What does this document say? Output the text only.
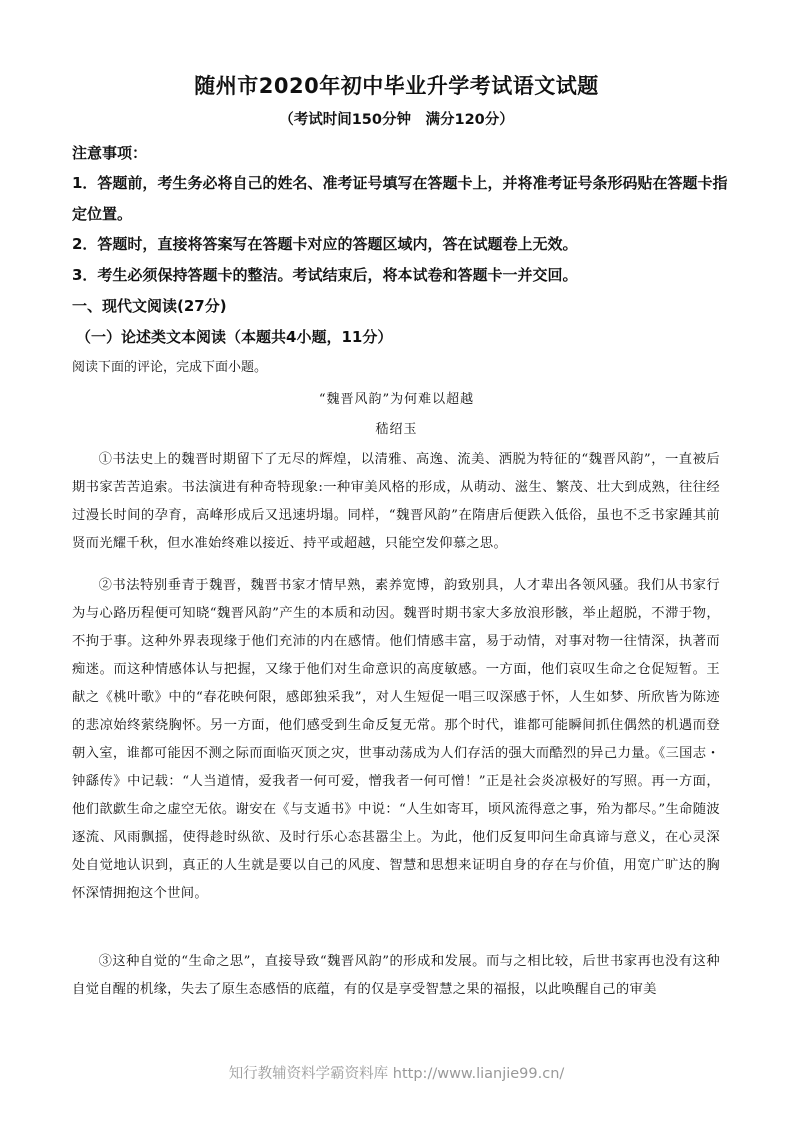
随州市2020年初中毕业升学考试语文试题
（考试时间150分钟　满分120分）
注意事项：
1．答题前，考生务必将自己的姓名、准考证号填写在答题卡上，并将准考证号条形码贴在答题卡指定位置。
2．答题时，直接将答案写在答题卡对应的答题区域内，答在试题卷上无效。
3．考生必须保持答题卡的整洁。考试结束后，将本试卷和答题卡一并交回。
一、现代文阅读(27分)
（一）论述类文本阅读（本题共4小题，11分）
阅读下面的评论，完成下面小题。
“魏晋风韵”为何难以超越
嵇绍玉
①书法史上的魏晋时期留下了无尽的辉煌，以清雅、高逸、流美、洒脱为特征的“魏晋风韵”，一直被后期书家苦苦追索。书法演进有种奇特现象:一种审美风格的形成，从萌动、滋生、繁茂、壮大到成熟，往往经过漫长时间的孕育，高峰形成后又迅速坍塌。同样，“魏晋风韵”在隋唐后便跌入低俗，虽也不乏书家踵其前贤而光耀千秋，但水准始终难以接近、持平或超越，只能空发仰慕之思。
②书法特别垂青于魏晋，魏晋书家才情早熟，素养宽博，韵致别具，人才辈出各领风骚。我们从书家行为与心路历程便可知晓“魏晋风韵”产生的本质和动因。魏晋时期书家大多放浪形骸，举止超脱，不滞于物，不拘于事。这种外界表现缘于他们充沛的内在感情。他们情感丰富，易于动情，对事对物一往情深，执著而痴迷。而这种情感体认与把握，又缘于他们对生命意识的高度敏感。一方面，他们哀叹生命之仓促短暂。王献之《桃叶歌》中的“春花映何限，感郎独采我”，对人生短促一唱三叹深感于怀，人生如梦、所欣皆为陈迹的悲凉始终萦绕胸怀。另一方面，他们感受到生命反复无常。那个时代，谁都可能瞬间抓住偶然的机遇而登朝入室，谁都可能因不测之际而面临灭顶之灾，世事动荡成为人们存活的强大而酷烈的异己力量。《三国志・钟繇传》中记载：“人当道情，爱我者一何可爱，憎我者一何可憎！”正是社会炎凉极好的写照。再一方面，他们歆歔生命之虚空无依。谢安在《与支遁书》中说：“人生如寄耳，顷风流得意之事，殆为都尽。”生命随波逐流、风雨飘摇，使得趁时纵欲、及时行乐心态甚嚣尘上。为此，他们反复叩问生命真谛与意义，在心灵深处自觉地认识到，真正的人生就是要以自己的风度、智慧和思想来证明自身的存在与价值，用宽广旷达的胸怀深情拥抱这个世间。
③这种自觉的“生命之思”，直接导致“魏晋风韵”的形成和发展。而与之相比较，后世书家再也没有这种自觉自醒的机缘，失去了原生态感悟的底蕴，有的仅是享受智慧之果的福报，以此唤醒自己的审美
知行教辅资料学霸资料库 http://www.lianjie99.cn/
